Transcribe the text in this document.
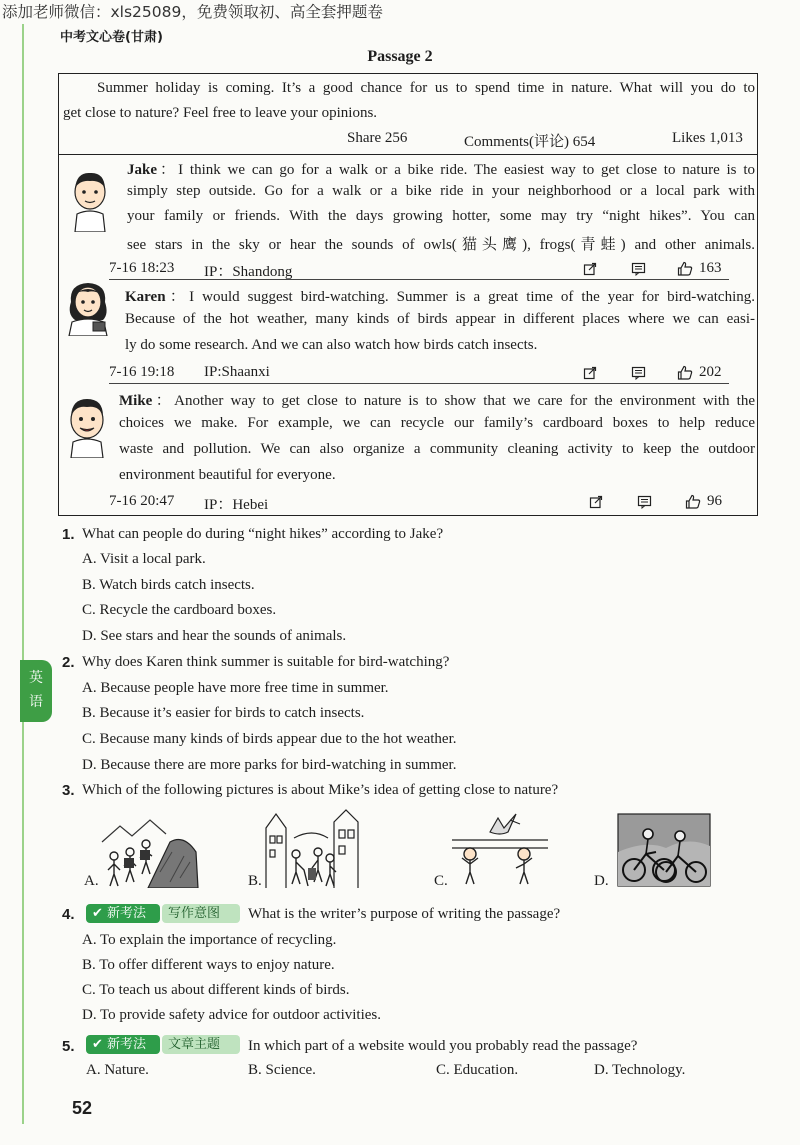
添加老师微信：xls25089，免费领取初、高全套押题卷
中考文心卷(甘肃)
Passage 2
Summer holiday is coming. It’s a good chance for us to spend time in nature. What will you do to
get close to nature? Feel free to leave your opinions.
Share 256	Comments(评论) 654	Likes 1,013
Jake：I think we can go for a walk or a bike ride. The easiest way to get close to nature is to
simply step outside. Go for a walk or a bike ride in your neighborhood or a local park with
your family or friends. With the days growing hotter, some may try “night hikes”. You can
see stars in the sky or hear the sounds of owls(猫头鹰), frogs(青蛙) and other animals.
7-16 18:23 IP：Shandong	163
Karen：I would suggest bird-watching. Summer is a great time of the year for bird-watching.
Because of the hot weather, many kinds of birds appear in different places where we can easi-
ly do some research. And we can also watch how birds catch insects.
7-16 19:18 IP:Shaanxi	202
Mike：Another way to get close to nature is to show that we care for the environment with the
choices we make. For example, we can recycle our family’s cardboard boxes to help reduce
waste and pollution. We can also organize a community cleaning activity to keep the outdoor
environment beautiful for everyone.
7-16 20:47 IP：Hebei	96
1. What can people do during “night hikes” according to Jake?
A. Visit a local park.
B. Watch birds catch insects.
C. Recycle the cardboard boxes.
D. See stars and hear the sounds of animals.
2. Why does Karen think summer is suitable for bird-watching?
A. Because people have more free time in summer.
B. Because it’s easier for birds to catch insects.
C. Because many kinds of birds appear due to the hot weather.
D. Because there are more parks for bird-watching in summer.
3. Which of the following pictures is about Mike’s idea of getting close to nature?
A.	B.	C.	D.
4.	✔ 新考法	写作意图	What is the writer’s purpose of writing the passage?
A. To explain the importance of recycling.
B. To offer different ways to enjoy nature.
C. To teach us about different kinds of birds.
D. To provide safety advice for outdoor activities.
5.	✔ 新考法	文章主题	In which part of a website would you probably read the passage?
A. Nature.	B. Science.	C. Education.	D. Technology.
英
语
52
